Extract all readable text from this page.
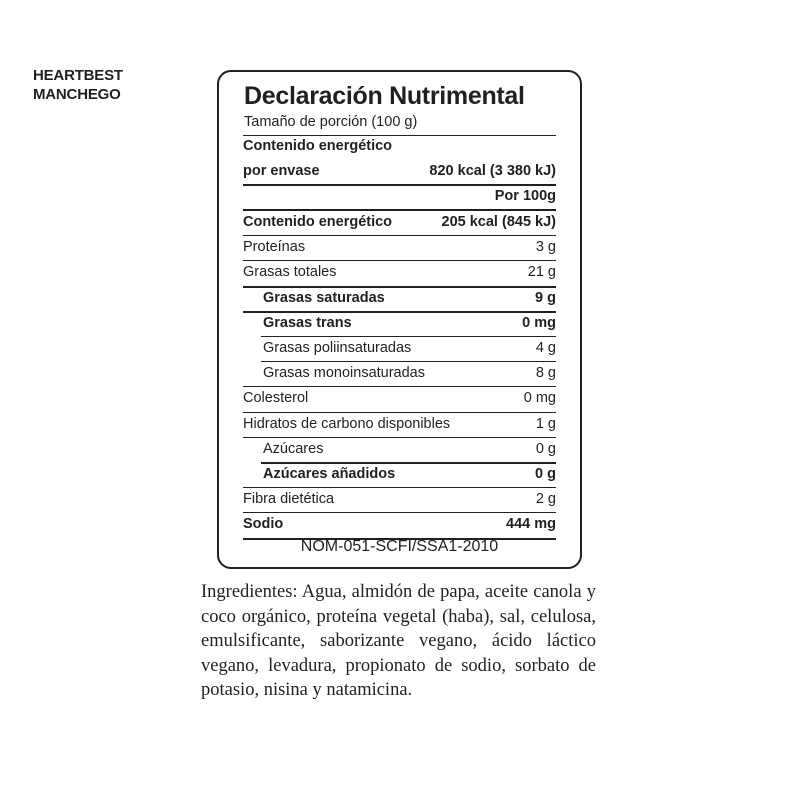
HEARTBEST
MANCHEGO	Declaración Nutrimental
Tamaño de porción (100 g)
Contenido energético
por envase	820 kcal (3 380 kJ)
Por 100g
Contenido energético	205 kcal (845 kJ)
Proteínas	3 g
Grasas totales	21 g
Grasas saturadas	9 g
Grasas trans	0 mg
Grasas poliinsaturadas	4 g
Grasas monoinsaturadas	8 g
Colesterol	0 mg
Hidratos de carbono disponibles	1 g
Azúcares	0 g
Azúcares añadidos	0 g
Fibra dietética	2 g
Sodio	444 mg
NOM-051-SCFI/SSA1-2010
Ingredientes: Agua, almidón de papa, aceite canola y coco orgánico, proteína vegetal (haba), sal, celulosa, emulsificante, saborizante vegano, ácido láctico vegano, levadura, propionato de sodio, sorbato de potasio, nisina y natamicina.
